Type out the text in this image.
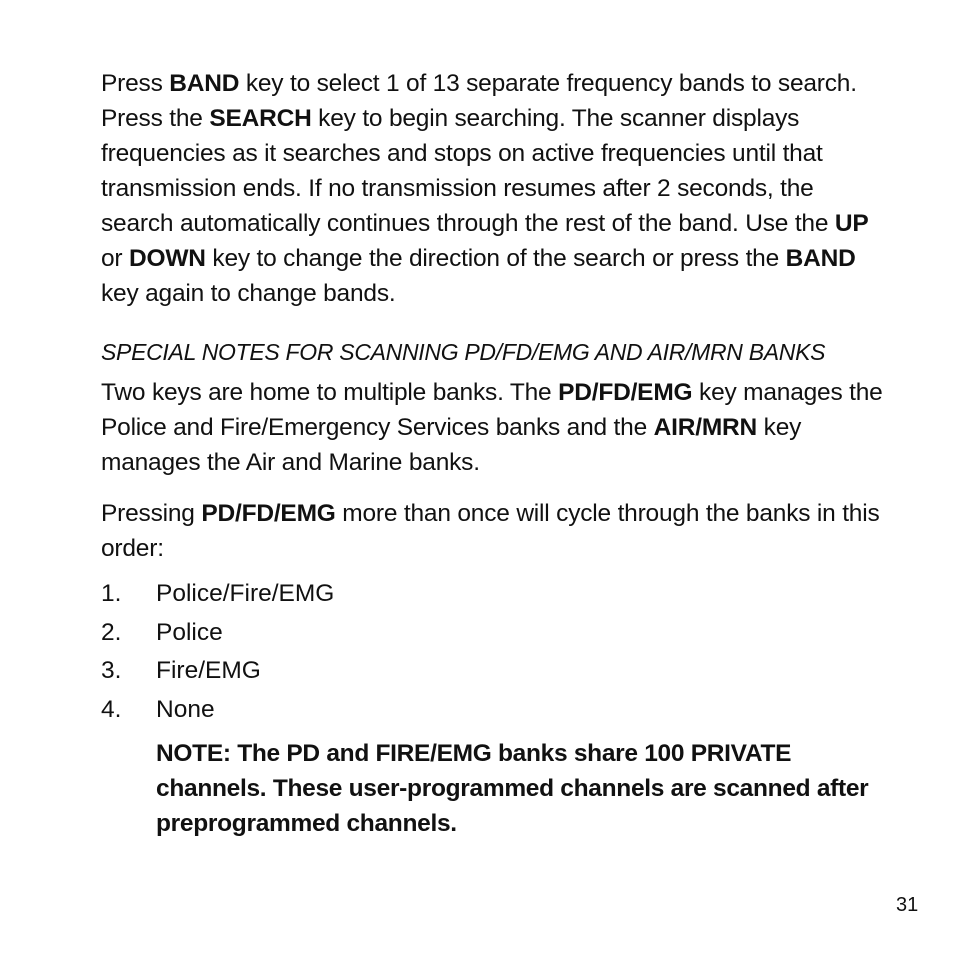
Press BAND key to select 1 of 13 separate frequency bands to search. Press the SEARCH key to begin searching. The scanner displays frequencies as it searches and stops on active frequencies until that transmission ends. If no transmission resumes after 2 seconds, the search automatically continues through the rest of the band. Use the UP or DOWN key to change the direction of the search or press the BAND key again to change bands.

SPECIAL NOTES FOR SCANNING PD/FD/EMG AND AIR/MRN BANKS

Two keys are home to multiple banks. The PD/FD/EMG key manages the Police and Fire/Emergency Services banks and the AIR/MRN key manages the Air and Marine banks.

Pressing PD/FD/EMG more than once will cycle through the banks in this order:

1.	Police/Fire/EMG
2.	Police
3.	Fire/EMG
4.	None

NOTE: The PD and FIRE/EMG banks share 100 PRIVATE channels. These user-programmed channels are scanned after preprogrammed channels.

31
